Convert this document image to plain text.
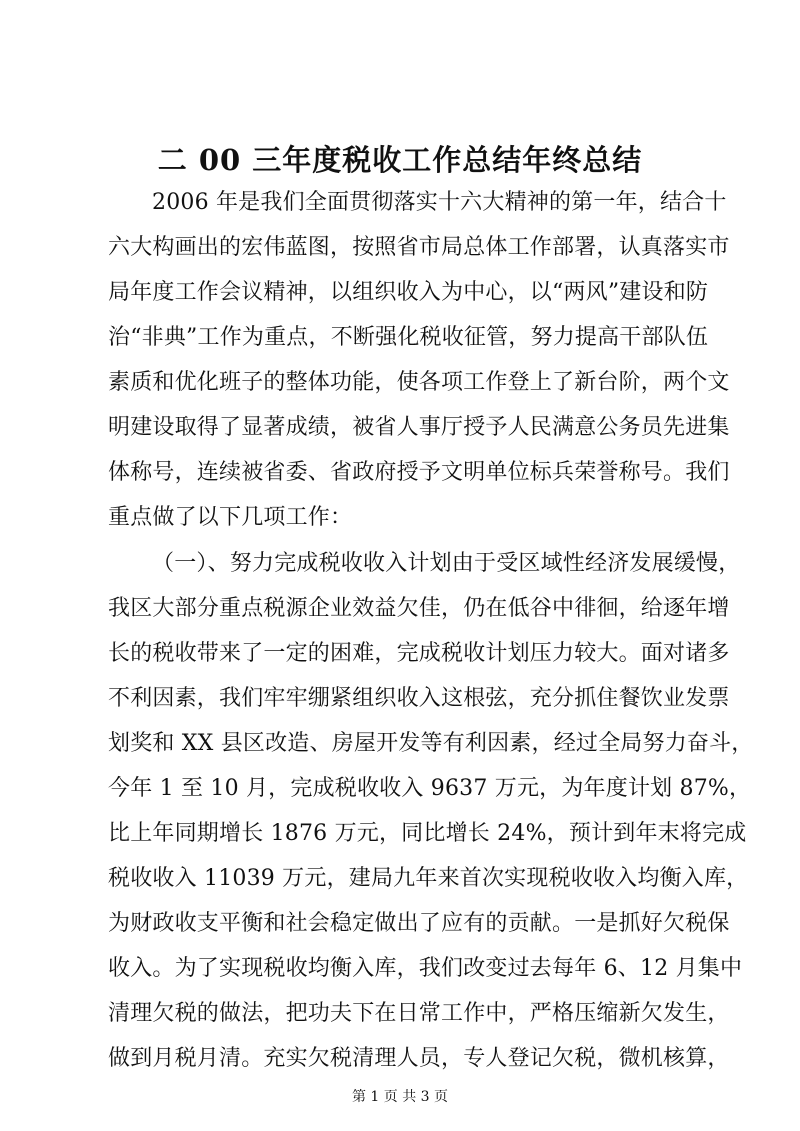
二 00 三年度税收工作总结年终总结
2006 年是我们全面贯彻落实十六大精神的第一年，结合十
六大构画出的宏伟蓝图，按照省市局总体工作部署，认真落实市
局年度工作会议精神，以组织收入为中心，以“两风”建设和防
治“非典”工作为重点，不断强化税收征管，努力提高干部队伍
素质和优化班子的整体功能，使各项工作登上了新台阶，两个文
明建设取得了显著成绩，被省人事厅授予人民满意公务员先进集
体称号，连续被省委、省政府授予文明单位标兵荣誉称号。我们
重点做了以下几项工作：
（一）、努力完成税收收入计划由于受区域性经济发展缓慢，
我区大部分重点税源企业效益欠佳，仍在低谷中徘徊，给逐年增
长的税收带来了一定的困难，完成税收计划压力较大。面对诸多
不利因素，我们牢牢绷紧组织收入这根弦，充分抓住餐饮业发票
划奖和 XX 县区改造、房屋开发等有利因素，经过全局努力奋斗，
今年 1 至 10 月，完成税收收入 9637 万元，为年度计划 87%，
比上年同期增长 1876 万元，同比增长 24%，预计到年末将完成
税收收入 11039 万元，建局九年来首次实现税收收入均衡入库，
为财政收支平衡和社会稳定做出了应有的贡献。一是抓好欠税保
收入。为了实现税收均衡入库，我们改变过去每年 6、12 月集中
清理欠税的做法，把功夫下在日常工作中，严格压缩新欠发生，
做到月税月清。充实欠税清理人员，专人登记欠税，微机核算，
第 1 页 共 3 页
